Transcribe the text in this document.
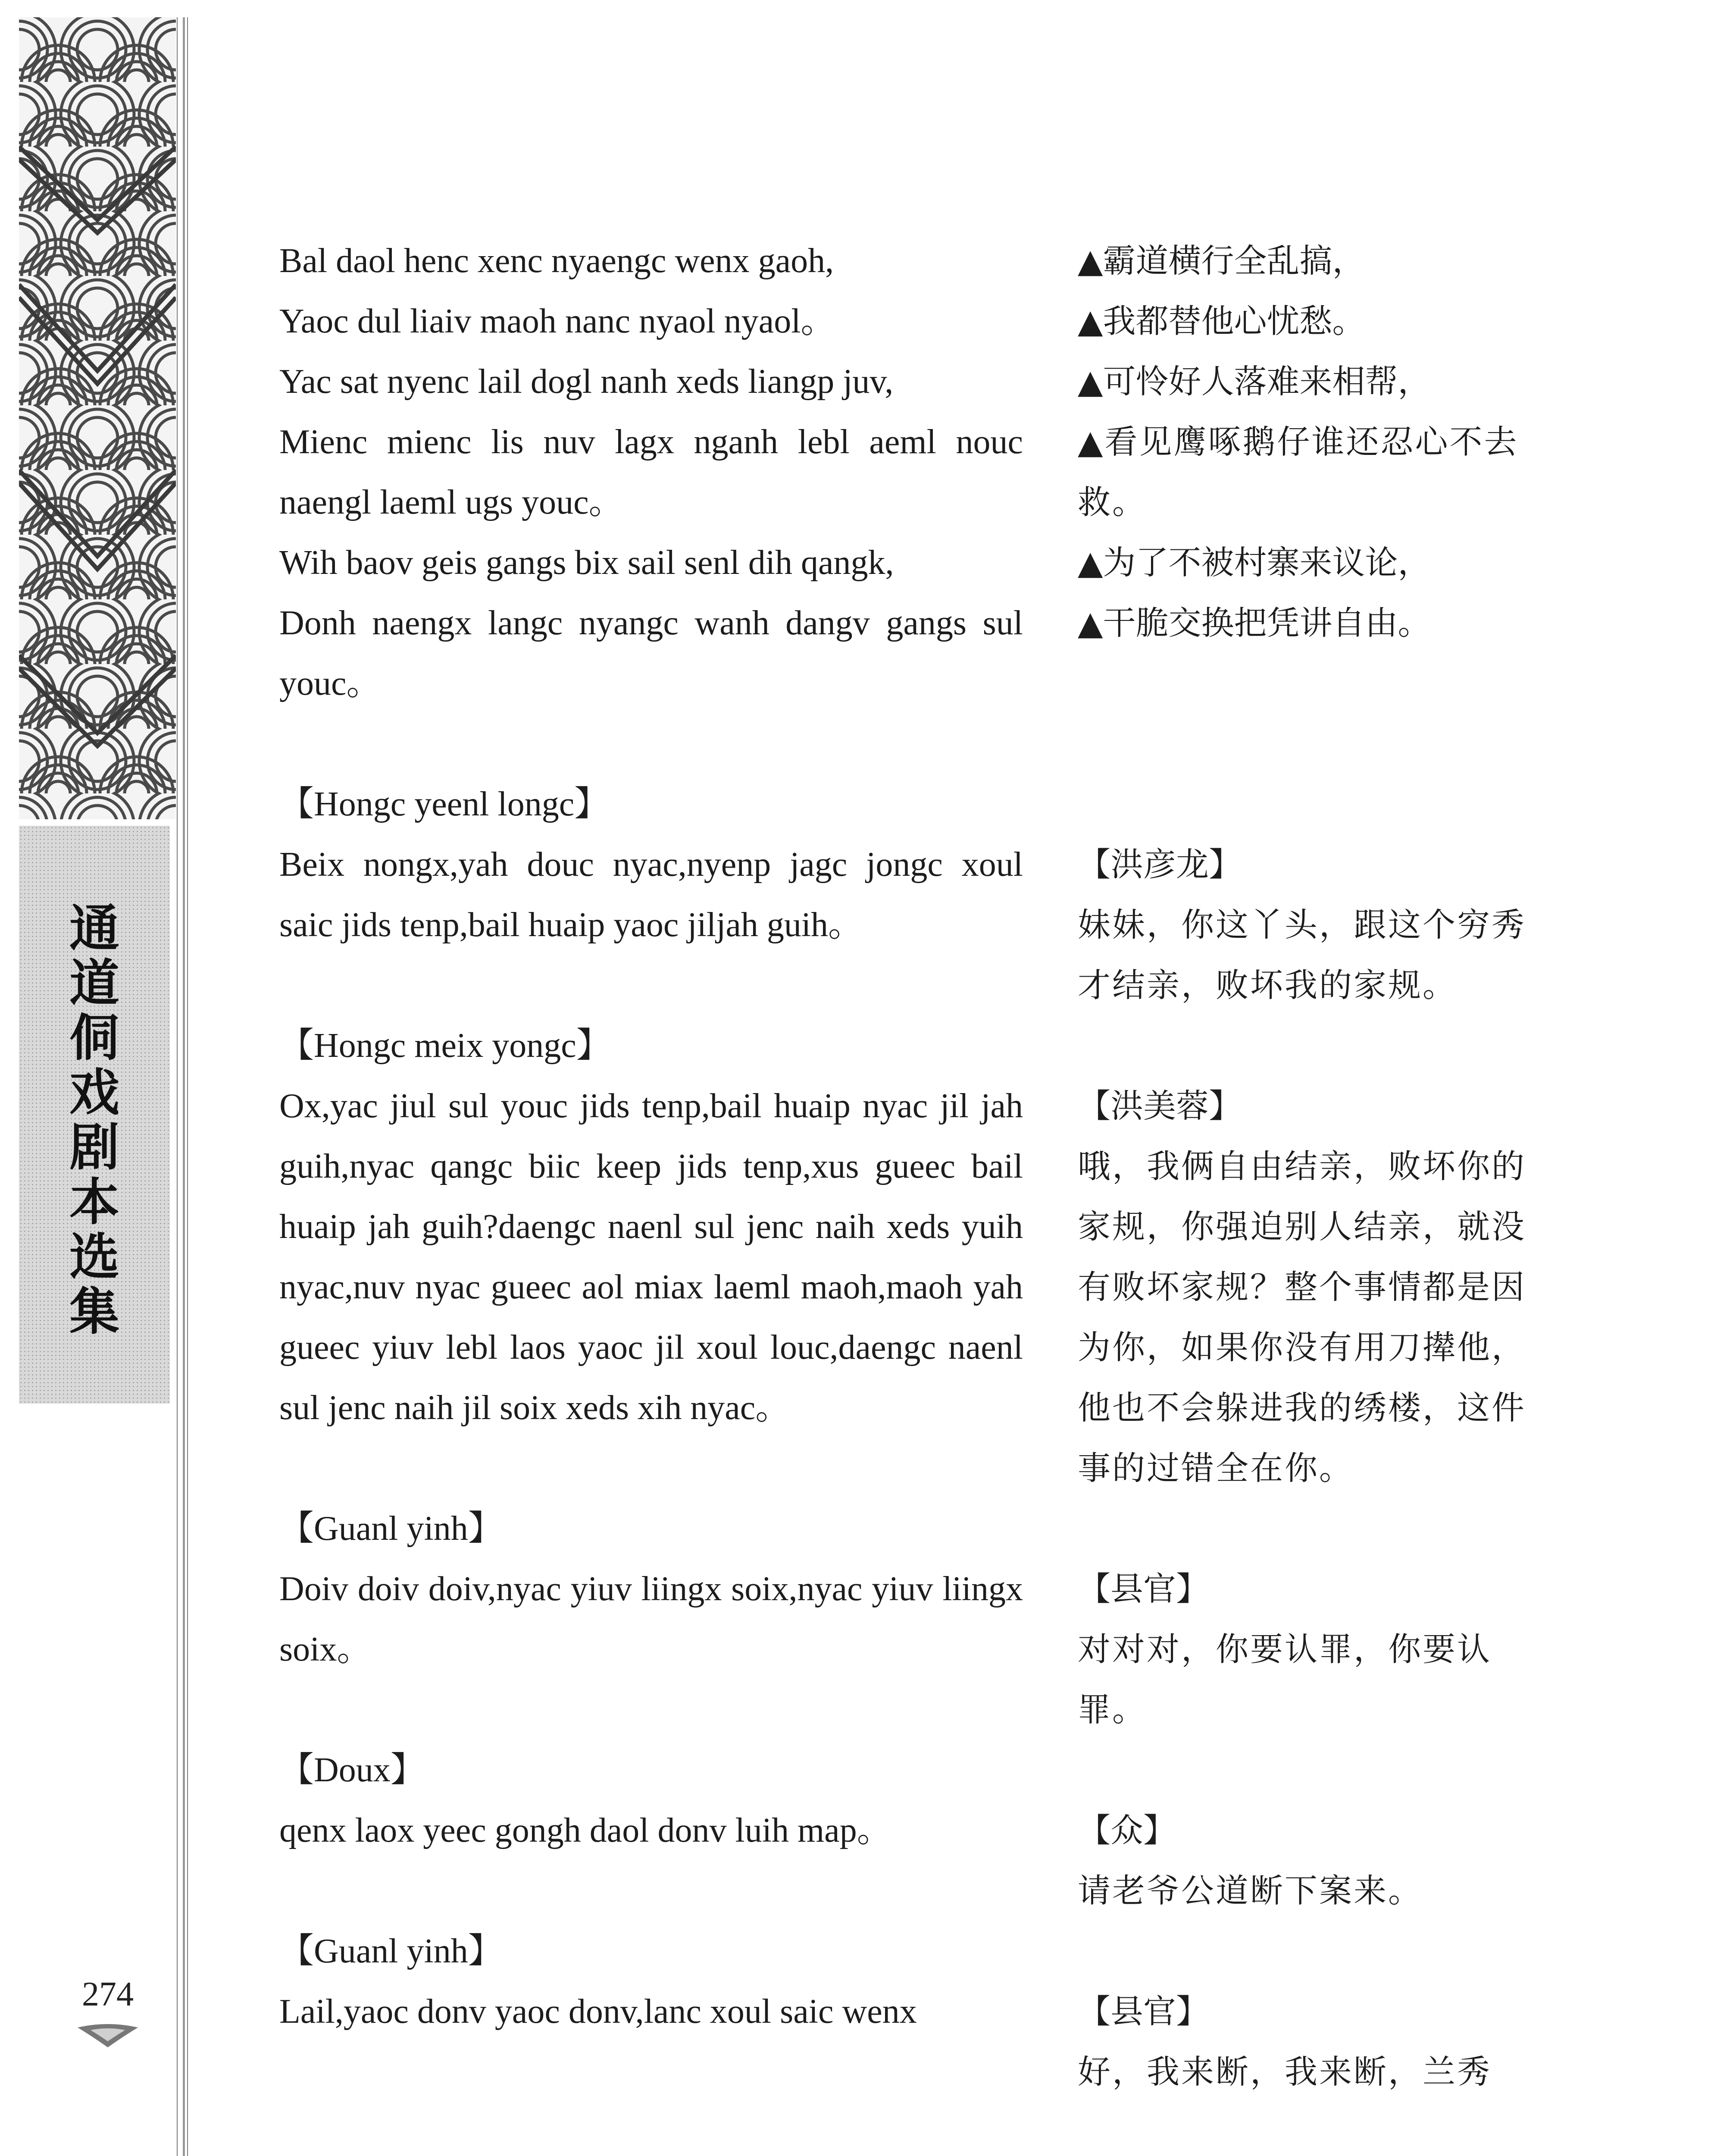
通
道
侗
戏
剧
本
选
集
274
Bal daol henc xenc nyaengc wenx gaoh,
Yaoc dul liaiv maoh nanc nyaol nyaol。
Yac sat nyenc lail dogl nanh xeds liangp juv,
Mienc mienc lis nuv lagx nganh lebl aeml nouc naengl laeml ugs youc。
Wih baov geis gangs bix sail senl dih qangk,
Donh naengx langc nyangc wanh dangv gangs sul youc。
【Hongc yeenl longc】
Beix nongx,yah douc nyac,nyenp jagc jongc xoul saic jids tenp,bail huaip yaoc jiljah guih。
【Hongc meix yongc】
Ox,yac jiul sul youc jids tenp,bail huaip nyac jil jah guih,nyac qangc biic keep jids tenp,xus gueec bail huaip jah guih?daengc naenl sul jenc naih xeds yuih nyac,nuv nyac gueec aol miax laeml maoh,maoh yah gueec yiuv lebl laos yaoc jil xoul louc,daengc naenl sul jenc naih jil soix xeds xih nyac。
【Guanl yinh】
Doiv doiv doiv,nyac yiuv liingx soix,nyac yiuv liingx soix。
【Doux】
qenx laox yeec gongh daol donv luih map。
【Guanl yinh】
Lail,yaoc donv yaoc donv,lanc xoul saic wenx
▲霸道横行全乱搞，
▲我都替他心忧愁。
▲可怜好人落难来相帮，
▲看见鹰啄鹅仔谁还忍心不去救。
▲为了不被村寨来议论，
▲干脆交换把凭讲自由。
【洪彦龙】
妹妹，你这丫头，跟这个穷秀才结亲，败坏我的家规。
【洪美蓉】
哦，我俩自由结亲，败坏你的家规，你强迫别人结亲，就没有败坏家规？整个事情都是因为你，如果你没有用刀撵他，他也不会躲进我的绣楼，这件事的过错全在你。
【县官】
对对对，你要认罪，你要认罪。
【众】
请老爷公道断下案来。
【县官】
好，我来断，我来断，兰秀
